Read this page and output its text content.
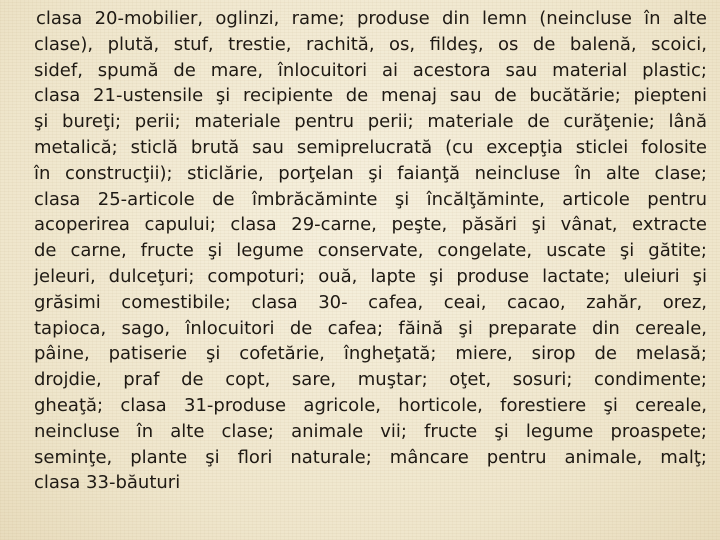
clasa 20-mobilier, oglinzi, rame; produse din lemn (neincluse în alte
clase), plută, stuf, trestie, rachită, os, fildeş, os de balenă, scoici,
sidef, spumă de mare, înlocuitori ai acestora sau material plastic;
clasa 21-ustensile şi recipiente de menaj sau de bucătărie; piepteni
şi bureţi; perii; materiale pentru perii; materiale de curăţenie; lână
metalică; sticlă brută sau semiprelucrată (cu excepţia sticlei folosite
în construcţii); sticlărie, porţelan şi faianţă neincluse în alte clase;
clasa 25-articole de îmbrăcăminte şi încălţăminte, articole pentru
acoperirea capului; clasa 29-carne, peşte, păsări şi vânat, extracte
de carne, fructe şi legume conservate, congelate, uscate şi gătite;
jeleuri, dulceţuri; compoturi; ouă, lapte şi produse lactate; uleiuri şi
grăsimi comestibile; clasa 30- cafea, ceai, cacao, zahăr, orez,
tapioca, sago, înlocuitori de cafea; făină şi preparate din cereale,
pâine, patiserie şi cofetărie, îngheţată; miere, sirop de melasă;
drojdie, praf de copt, sare, muştar; oţet, sosuri; condimente;
gheaţă; clasa 31-produse agricole, horticole, forestiere şi cereale,
neincluse în alte clase; animale vii; fructe şi legume proaspete;
seminţe, plante şi flori naturale; mâncare pentru animale, malţ;
clasa 33-băuturi
